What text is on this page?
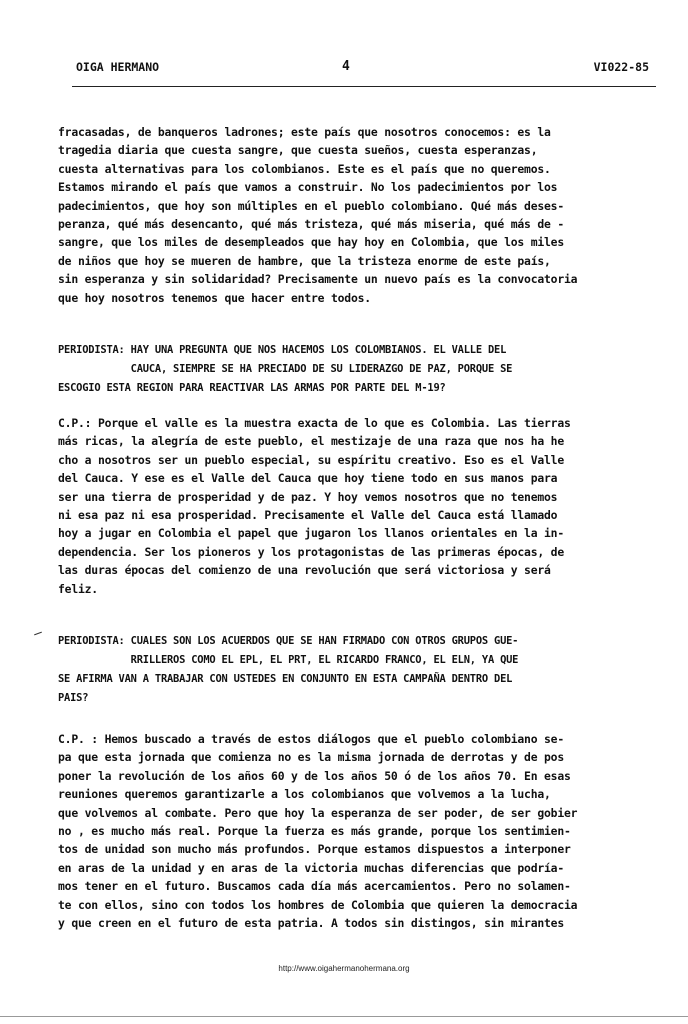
OIGA HERMANO	4	VI022-85
fracasadas, de banqueros ladrones; este país que nosotros conocemos: es la
tragedia diaria que cuesta sangre, que cuesta sueños, cuesta esperanzas,
cuesta alternativas para los colombianos. Este es el país que no queremos.
Estamos mirando el país que vamos a construir. No los padecimientos por los
padecimientos, que hoy son múltiples en el pueblo colombiano. Qué más deses-
peranza, qué más desencanto, qué más tristeza, qué más miseria, qué más de -
sangre, que los miles de desempleados que hay hoy en Colombia, que los miles
de niños que hoy se mueren de hambre, que la tristeza enorme de este país,
sin esperanza y sin solidaridad? Precisamente un nuevo país es la convocatoria
que hoy nosotros tenemos que hacer entre todos.
PERIODISTA: HAY UNA PREGUNTA QUE NOS HACEMOS LOS COLOMBIANOS. EL VALLE DEL
CAUCA, SIEMPRE SE HA PRECIADO DE SU LIDERAZGO DE PAZ, PORQUE SE
ESCOGIO ESTA REGION PARA REACTIVAR LAS ARMAS POR PARTE DEL M-19?
C.P.: Porque el valle es la muestra exacta de lo que es Colombia. Las tierras
más ricas, la alegría de este pueblo, el mestizaje de una raza que nos ha he
cho a nosotros ser un pueblo especial, su espíritu creativo. Eso es el Valle
del Cauca. Y ese es el Valle del Cauca que hoy tiene todo en sus manos para
ser una tierra de prosperidad y de paz. Y hoy vemos nosotros que no tenemos
ni esa paz ni esa prosperidad. Precisamente el Valle del Cauca está llamado
hoy a jugar en Colombia el papel que jugaron los llanos orientales en la in-
dependencia. Ser los pioneros y los protagonistas de las primeras épocas, de
las duras épocas del comienzo de una revolución que será victoriosa y será
feliz.
PERIODISTA: CUALES SON LOS ACUERDOS QUE SE HAN FIRMADO CON OTROS GRUPOS GUE-
RRILLEROS COMO EL EPL, EL PRT, EL RICARDO FRANCO, EL ELN, YA QUE
SE AFIRMA VAN A TRABAJAR CON USTEDES EN CONJUNTO EN ESTA CAMPAÑA DENTRO DEL
PAIS?
C.P. : Hemos buscado a través de estos diálogos que el pueblo colombiano se-
pa que esta jornada que comienza no es la misma jornada de derrotas y de pos
poner la revolución de los años 60 y de los años 50 ó de los años 70. En esas
reuniones queremos garantizarle a los colombianos que volvemos a la lucha,
que volvemos al combate. Pero que hoy la esperanza de ser poder, de ser gobier
no , es mucho más real. Porque la fuerza es más grande, porque los sentimien-
tos de unidad son mucho más profundos. Porque estamos dispuestos a interponer
en aras de la unidad y en aras de la victoria muchas diferencias que podría-
mos tener en el futuro. Buscamos cada día más acercamientos. Pero no solamen-
te con ellos, sino con todos los hombres de Colombia que quieren la democracia
y que creen en el futuro de esta patria. A todos sin distingos, sin mirantes
http://www.oigahermanohermana.org
